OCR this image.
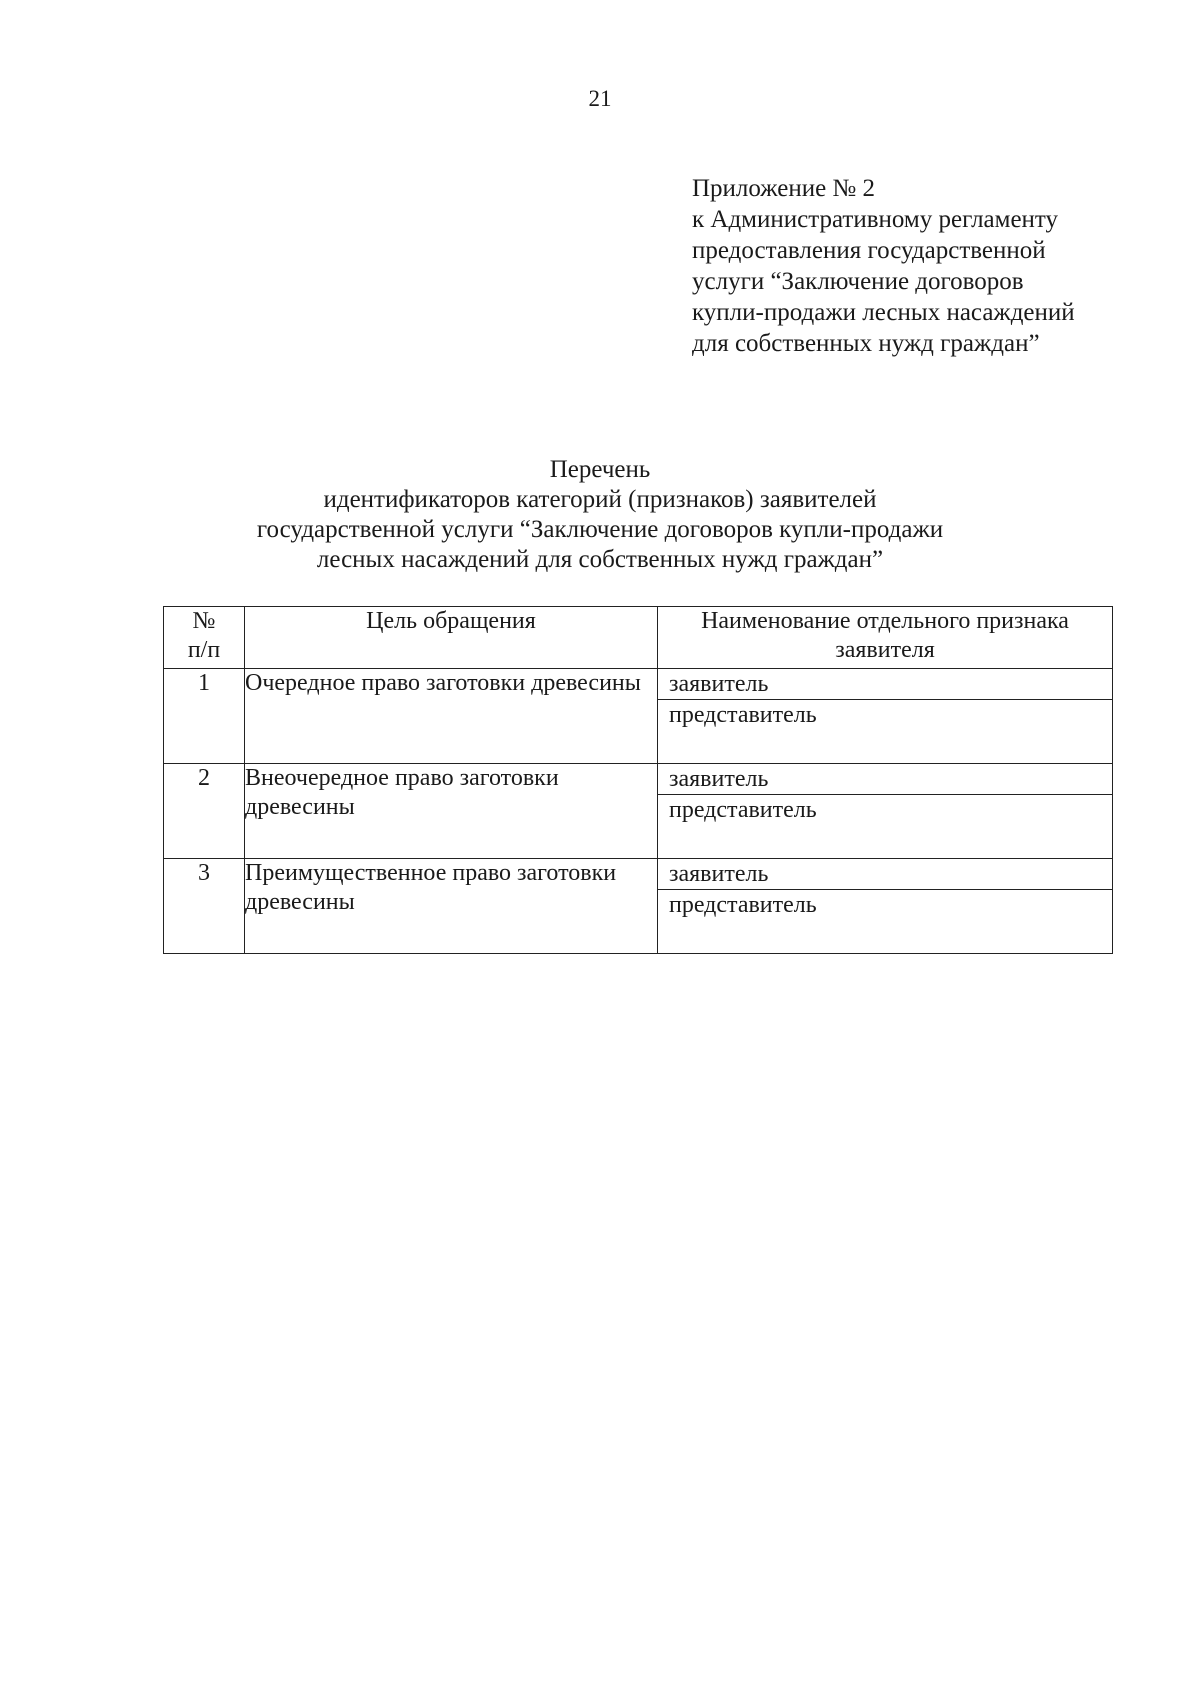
21
Приложение № 2
к Административному регламенту
предоставления государственной
услуги “Заключение договоров
купли-продажи лесных насаждений
для собственных нужд граждан”
Перечень
идентификаторов категорий (признаков) заявителей
государственной услуги “Заключение договоров купли-продажи
лесных насаждений для собственных нужд граждан”
№
п/п	Цель обращения	Наименование отдельного признака заявителя
1	Очередное право заготовки древесины	заявитель
представитель

2	Внеочередное право заготовки древесины	заявитель
представитель

3	Преимущественное право заготовки древесины	заявитель
представитель
